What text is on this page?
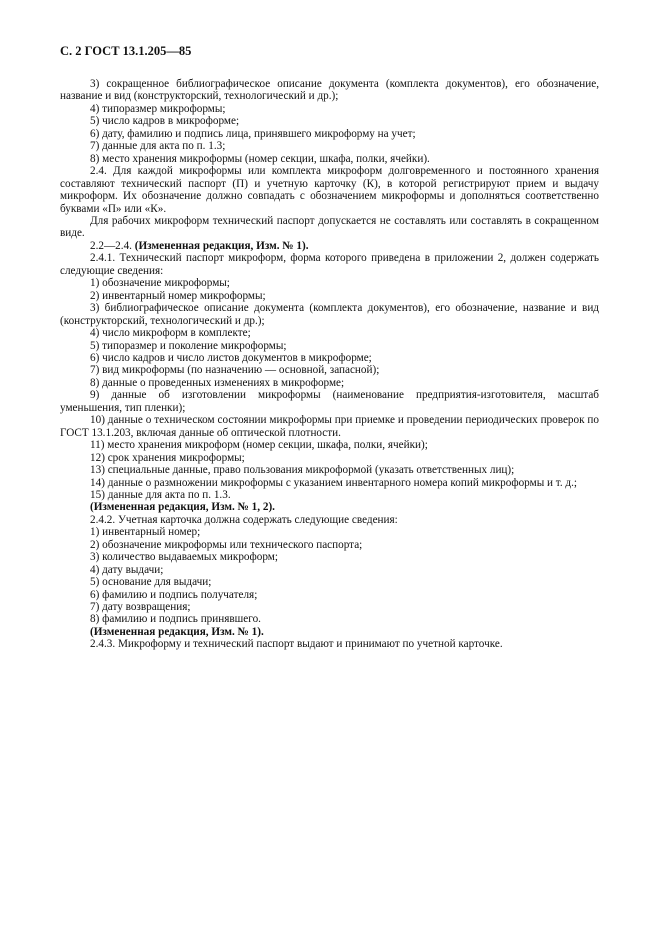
С. 2 ГОСТ 13.1.205—85

3) сокращенное библиографическое описание документа (комплекта документов), его обозначение, название и вид (конструкторский, технологический и др.);

4) типоразмер микроформы;

5) число кадров в микроформе;

6) дату, фамилию и подпись лица, принявшего микроформу на учет;

7) данные для акта по п. 1.3;

8) место хранения микроформы (номер секции, шкафа, полки, ячейки).

2.4. Для каждой микроформы или комплекта микроформ долговременного и постоянного хранения составляют технический паспорт (П) и учетную карточку (К), в которой регистрируют прием и выдачу микроформ. Их обозначение должно совпадать с обозначением микроформы и дополняться соответственно буквами «П» или «К».

Для рабочих микроформ технический паспорт допускается не составлять или составлять в сокращенном виде.

2.2—2.4. (Измененная редакция, Изм. № 1).

2.4.1. Технический паспорт микроформ, форма которого приведена в приложении 2, должен содержать следующие сведения:

1) обозначение микроформы;

2) инвентарный номер микроформы;

3) библиографическое описание документа (комплекта документов), его обозначение, название и вид (конструкторский, технологический и др.);

4) число микроформ в комплекте;

5) типоразмер и поколение микроформы;

6) число кадров и число листов документов в микроформе;

7) вид микроформы (по назначению — основной, запасной);

8) данные о проведенных изменениях в микроформе;

9) данные об изготовлении микроформы (наименование предприятия-изготовителя, масштаб уменьшения, тип пленки);

10) данные о техническом состоянии микроформы при приемке и проведении периодических проверок по ГОСТ 13.1.203, включая данные об оптической плотности.

11) место хранения микроформ (номер секции, шкафа, полки, ячейки);

12) срок хранения микроформы;

13) специальные данные, право пользования микроформой (указать ответственных лиц);

14) данные о размножении микроформы с указанием инвентарного номера копий микроформы и т. д.;

15) данные для акта по п. 1.3.

(Измененная редакция, Изм. № 1, 2).

2.4.2. Учетная карточка должна содержать следующие сведения:

1) инвентарный номер;

2) обозначение микроформы или технического паспорта;

3) количество выдаваемых микроформ;

4) дату выдачи;

5) основание для выдачи;

6) фамилию и подпись получателя;

7) дату возвращения;

8) фамилию и подпись принявшего.

(Измененная редакция, Изм. № 1).

2.4.3. Микроформу и технический паспорт выдают и принимают по учетной карточке.
